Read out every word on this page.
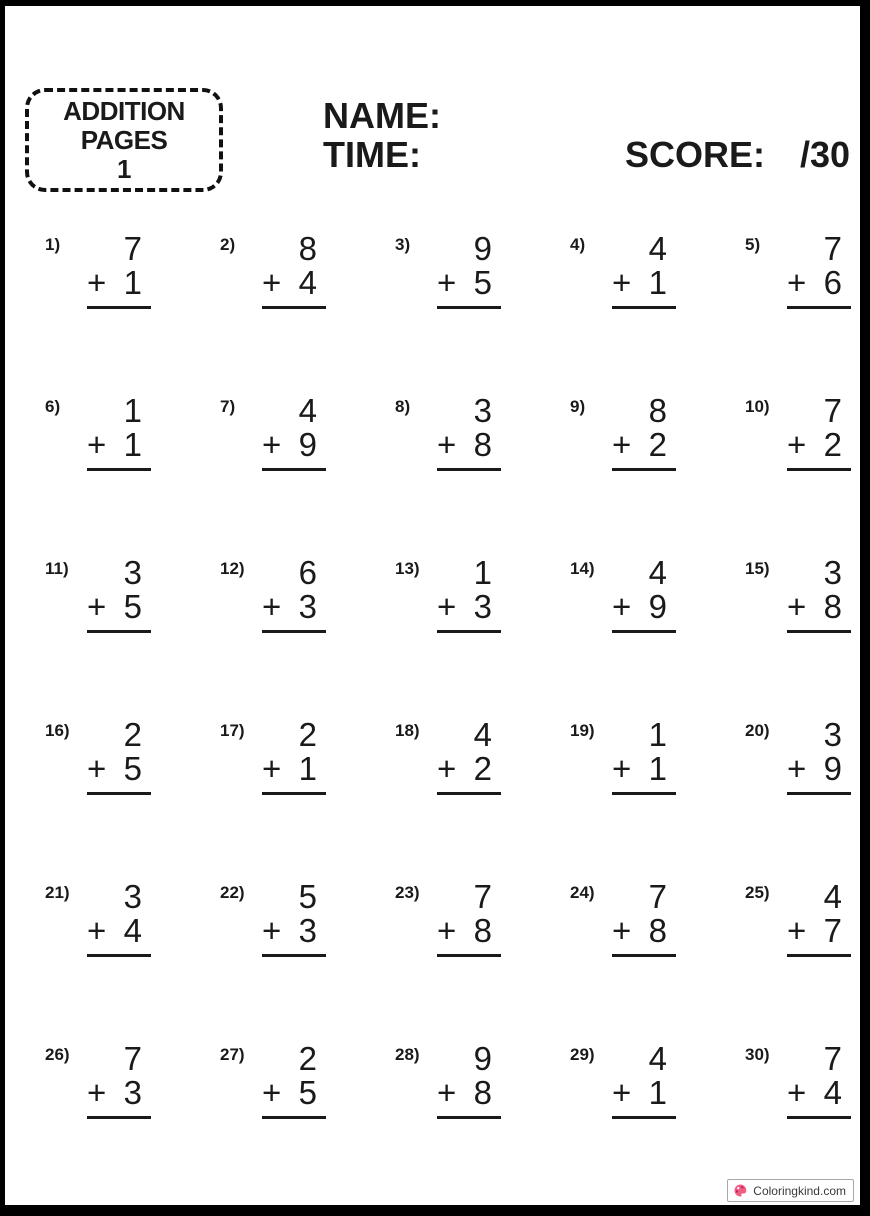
ADDITION
PAGES
1
NAME:
TIME:	SCORE: /30
1)	7
+ 1
2)	8
+ 4
3)	9
+ 5
4)	4
+ 1
5)	7
+ 6
6)	1
+ 1
7)	4
+ 9
8)	3
+ 8
9)	8
+ 2
10)	7
+ 2
11)	3
+ 5
12)	6
+ 3
13)	1
+ 3
14)	4
+ 9
15)	3
+ 8
16)	2
+ 5
17)	2
+ 1
18)	4
+ 2
19)	1
+ 1
20)	3
+ 9
21)	3
+ 4
22)	5
+ 3
23)	7
+ 8
24)	7
+ 8
25)	4
+ 7
26)	7
+ 3
27)	2
+ 5
28)	9
+ 8
29)	4
+ 1
30)	7
+ 4
Coloringkind.com
